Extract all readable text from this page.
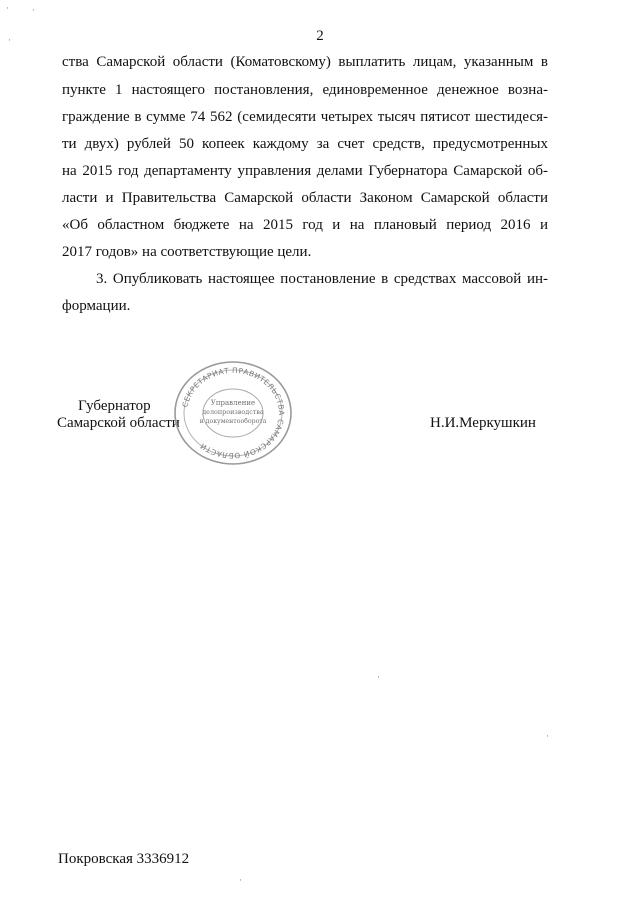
2
ства Самарской области (Коматовскому) выплатить лицам, указанным в
пункте 1 настоящего постановления, единовременное денежное возна-
граждение в сумме 74 562 (семидесяти четырех тысяч пятисот шестидеся-
ти двух) рублей 50 копеек каждому за счет средств, предусмотренных
на 2015 год департаменту управления делами Губернатора Самарской об-
ласти и Правительства Самарской области Законом Самарской области
«Об областном бюджете на 2015 год и на плановый период 2016 и
2017 годов» на соответствующие цели.
3. Опубликовать настоящее постановление в средствах массовой ин-
формации.
Губернатор
Самарской области	Н.И.Меркушкин
СЕКРЕТАРИАТ ПРАВИТЕЛЬСТВА САМАРСКОЙ ОБЛАСТИ
Управление
делопроизводства
и документооборота
Покровская 3336912
·	·
·
·
·
·
